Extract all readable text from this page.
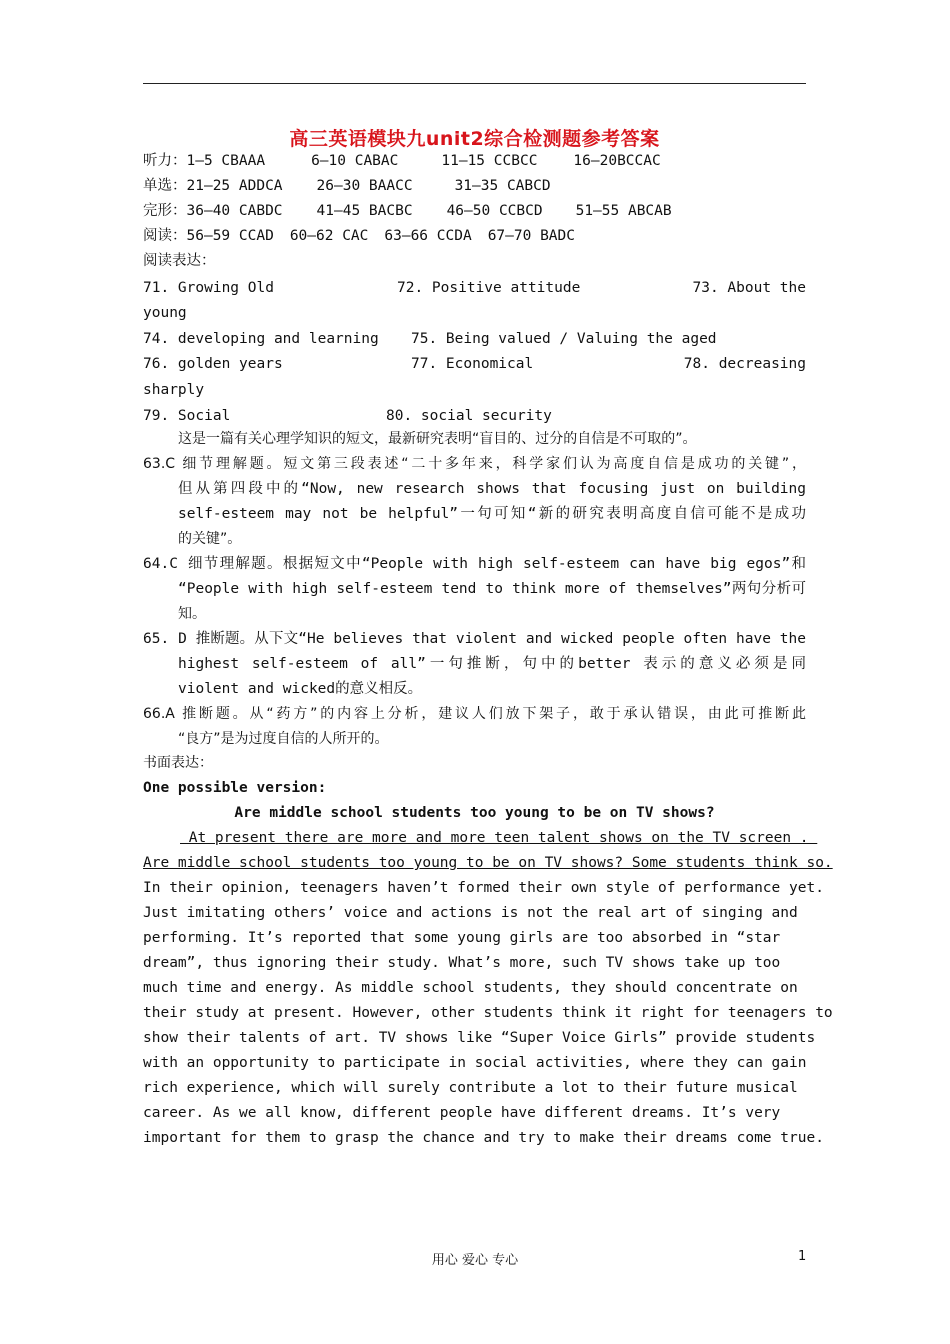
高三英语模块九unit2综合检测题参考答案
听力：1—5 CBAAA	6—10 CABAC	11—15 CCBCC 16—20BCCAC
单选：21—25 ADDCA 26—30 BAACC	31—35 CABCD
完形：36—40 CABDC 41—45 BACBC 46—50 CCBCD 51—55 ABCAB
阅读：56—59 CCAD 60—62 CAC 63—66 CCDA 67—70 BADC
阅读表达：
71. Growing Old	72. Positive attitude	73. About the
young
74. developing and learning 75. Being valued / Valuing the aged
76. golden years	77. Economical	78. decreasing
sharply
79. Social	80. social security
这是一篇有关心理学知识的短文，最新研究表明“盲目的、过分的自信是不可取的”。
63.C 细节理解题。短文第三段表述“二十多年来，科学家们认为高度自信是成功的关键”，
但从第四段中的“Now, new research shows that focusing just on building
self-esteem may not be helpful”一句可知“新的研究表明高度自信可能不是成功
的关键”。
64.C 细节理解题。根据短文中“People with high self-esteem can have big egos”和
“People with high self-esteem tend to think more of themselves”两句分析可
知。
65. D 推断题。从下文“He believes that violent and wicked people often have the
highest self-esteem of all”一句推断，句中的better 表示的意义必须是同
violent and wicked的意义相反。
66.A 推断题。从“药方”的内容上分析，建议人们放下架子，敢于承认错误，由此可推断此
“良方”是为过度自信的人所开的。
书面表达：
One possible version:
Are middle school students too young to be on TV shows?
At present there are more and more teen talent shows on the TV screen .
Are middle school students too young to be on TV shows? Some students think so.
In their opinion, teenagers haven’t formed their own style of performance yet.
Just imitating others’ voice and actions is not the real art of singing and
performing. It’s reported that some young girls are too absorbed in “star
dream”, thus ignoring their study. What’s more, such TV shows take up too
much time and energy. As middle school students, they should concentrate on
their study at present. However, other students think it right for teenagers to
show their talents of art. TV shows like “Super Voice Girls” provide students
with an opportunity to participate in social activities, where they can gain
rich experience, which will surely contribute a lot to their future musical
career. As we all know, different people have different dreams. It’s very
important for them to grasp the chance and try to make their dreams come true.
用心 爱心 专心	1
